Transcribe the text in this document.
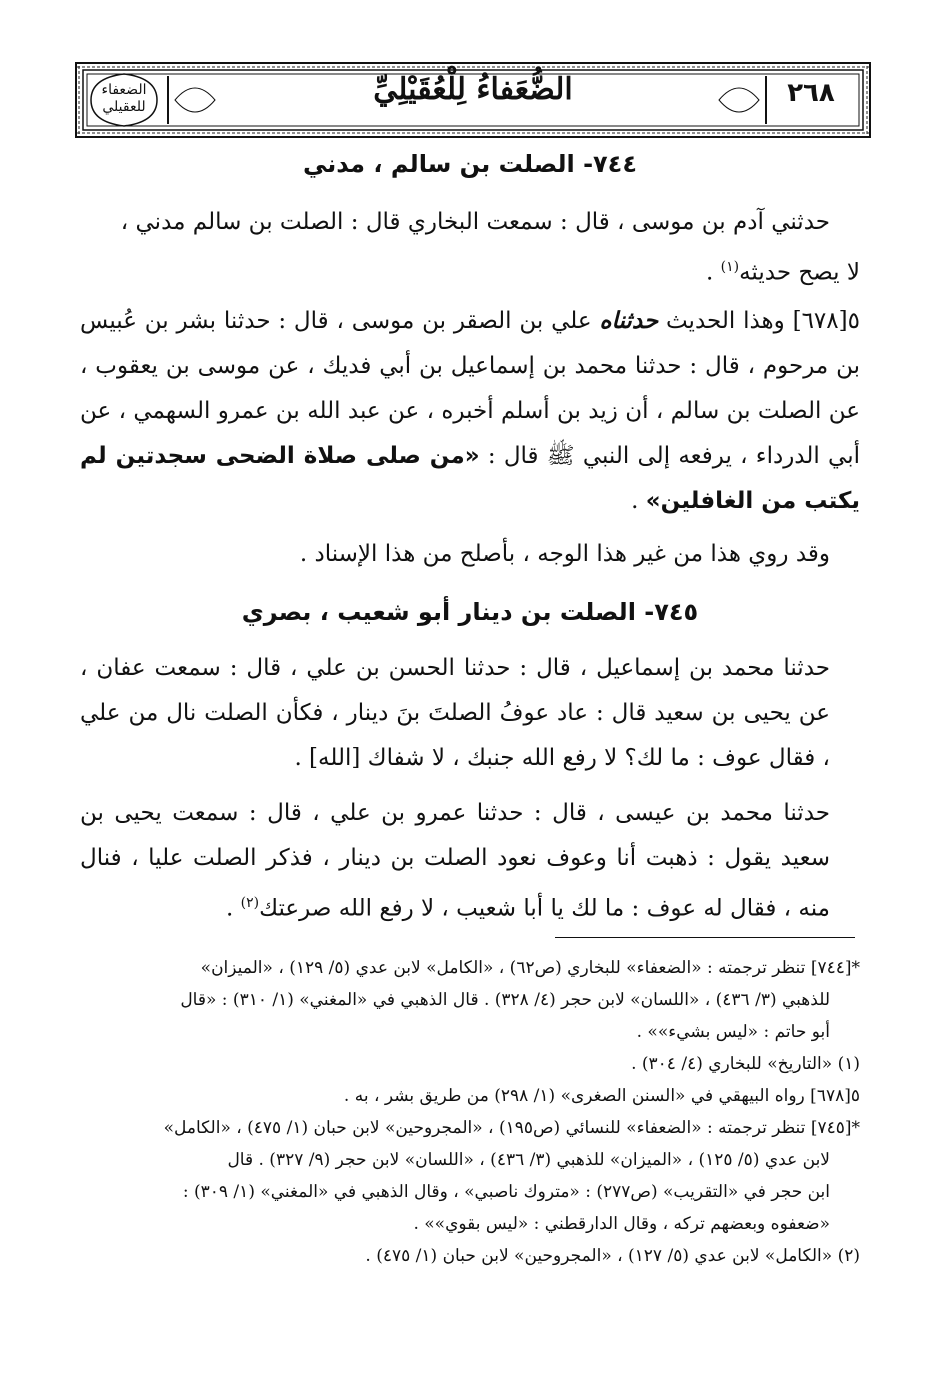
الضعفاء للعقيلي	الضُّعَفاءُ لِلْعُقَيْلِيِّ	٢٦٨
٧٤٤- الصلت بن سالم ، مدني

حدثني آدم بن موسى ، قال : سمعت البخاري قال : الصلت بن سالم مدني ،

لا يصح حديثه$^{(١)}$ .

٥[٦٧٨] وهذا الحديث حدثناه علي بن الصقر بن موسى ، قال : حدثنا بشر بن عُبيس بن مرحوم ، قال : حدثنا محمد بن إسماعيل بن أبي فديك ، عن موسى بن يعقوب ، عن الصلت بن سالم ، أن زيد بن أسلم أخبره ، عن عبد الله بن عمرو السهمي ، عن أبي الدرداء ، يرفعه إلى النبي ﷺ قال : «من صلى صلاة الضحى سجدتين لم يكتب من الغافلين» .

وقد روي هذا من غير هذا الوجه ، بأصلح من هذا الإسناد .

٧٤٥- الصلت بن دينار أبو شعيب ، بصري

حدثنا محمد بن إسماعيل ، قال : حدثنا الحسن بن علي ، قال : سمعت عفان ، عن يحيى بن سعيد قال : عاد عوفُ الصلتَ بنَ دينار ، فكأن الصلت نال من علي ، فقال عوف : ما لك؟ لا رفع الله جنبك ، لا شفاك [الله] .

حدثنا محمد بن عيسى ، قال : حدثنا عمرو بن علي ، قال : سمعت يحيى بن سعيد يقول : ذهبت أنا وعوف نعود الصلت بن دينار ، فذكر الصلت عليا ، فنال منه ، فقال له عوف : ما لك يا أبا شعيب ، لا رفع الله صرعتك$^{(٢)}$ .

*[٧٤٤] تنظر ترجمته : «الضعفاء» للبخاري (ص٦٢) ، «الكامل» لابن عدي (٥/ ١٢٩) ، «الميزان»

للذهبي (٣/ ٤٣٦) ، «اللسان» لابن حجر (٤/ ٣٢٨) . قال الذهبي في «المغني» (١/ ٣١٠) : «قال

أبو حاتم : «ليس بشيء»» .

(١) «التاريخ» للبخاري (٤/ ٣٠٤) .

٥[٦٧٨] رواه البيهقي في «السنن الصغرى» (١/ ٢٩٨) من طريق بشر ، به .

*[٧٤٥] تنظر ترجمته : «الضعفاء» للنسائي (ص١٩٥) ، «المجروحين» لابن حبان (١/ ٤٧٥) ، «الكامل»

لابن عدي (٥/ ١٢٥) ، «الميزان» للذهبي (٣/ ٤٣٦) ، «اللسان» لابن حجر (٩/ ٣٢٧) . قال

ابن حجر في «التقريب» (ص٢٧٧) : «متروك ناصبي» ، وقال الذهبي في «المغني» (١/ ٣٠٩) :

«ضعفوه وبعضهم تركه ، وقال الدارقطني : «ليس بقوي»» .

(٢) «الكامل» لابن عدي (٥/ ١٢٧) ، «المجروحين» لابن حبان (١/ ٤٧٥) .
